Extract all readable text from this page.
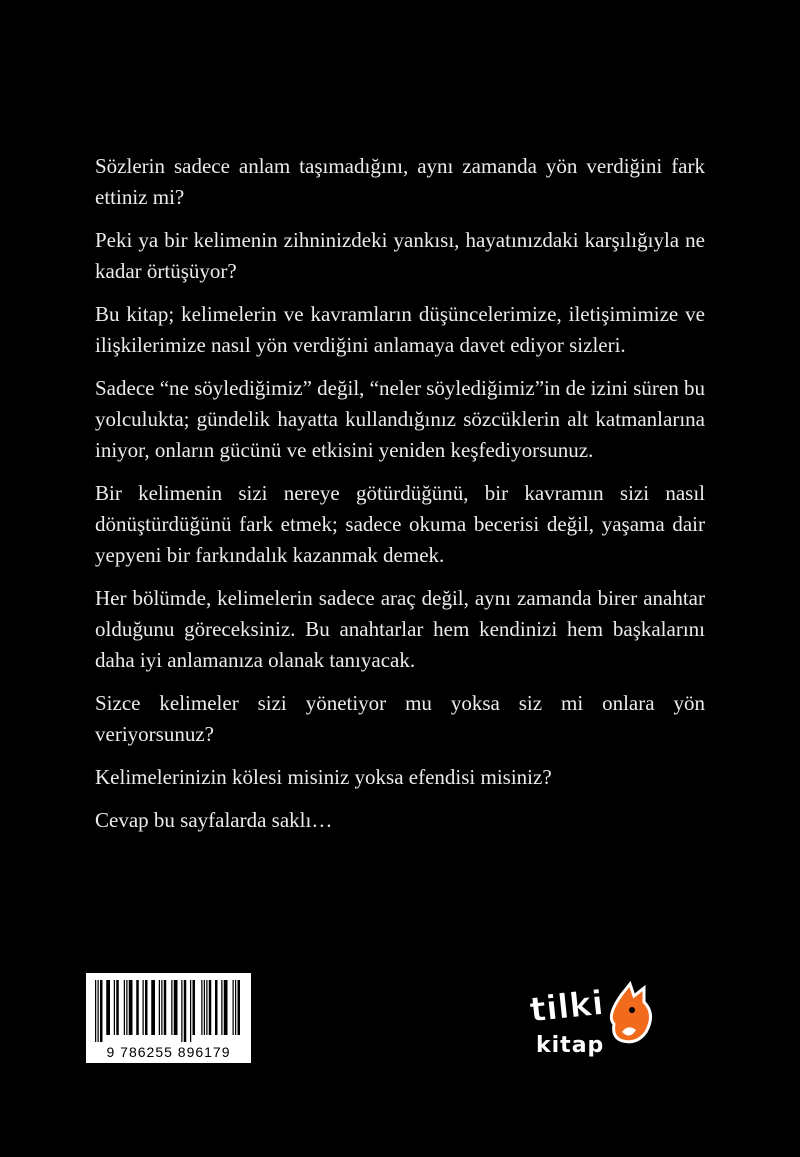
Sözlerin sadece anlam taşımadığını, aynı zamanda yön verdiğini fark ettiniz mi?

Peki ya bir kelimenin zihninizdeki yankısı, hayatınızdaki karşılığıyla ne kadar örtüşüyor?

Bu kitap; kelimelerin ve kavramların düşüncelerimize, iletişimimize ve ilişkilerimize nasıl yön verdiğini anlamaya davet ediyor sizleri.

Sadece “ne söylediğimiz” değil, “neler söylediğimiz”in de izini süren bu yolculukta; gündelik hayatta kullandığınız sözcüklerin alt katmanlarına iniyor, onların gücünü ve etkisini yeniden keşfediyorsunuz.

Bir kelimenin sizi nereye götürdüğünü, bir kavramın sizi nasıl dönüştürdüğünü fark etmek; sadece okuma becerisi değil, yaşama dair yepyeni bir farkındalık kazanmak demek.

Her bölümde, kelimelerin sadece araç değil, aynı zamanda birer anahtar olduğunu göreceksiniz. Bu anahtarlar hem kendinizi hem başkalarını daha iyi anlamanıza olanak tanıyacak.

Sizce kelimeler sizi yönetiyor mu yoksa siz mi onlara yön veriyorsunuz?

Kelimelerinizin kölesi misiniz yoksa efendisi misiniz?

Cevap bu sayfalarda saklı…

9 786255 896179
tilki
kitap
